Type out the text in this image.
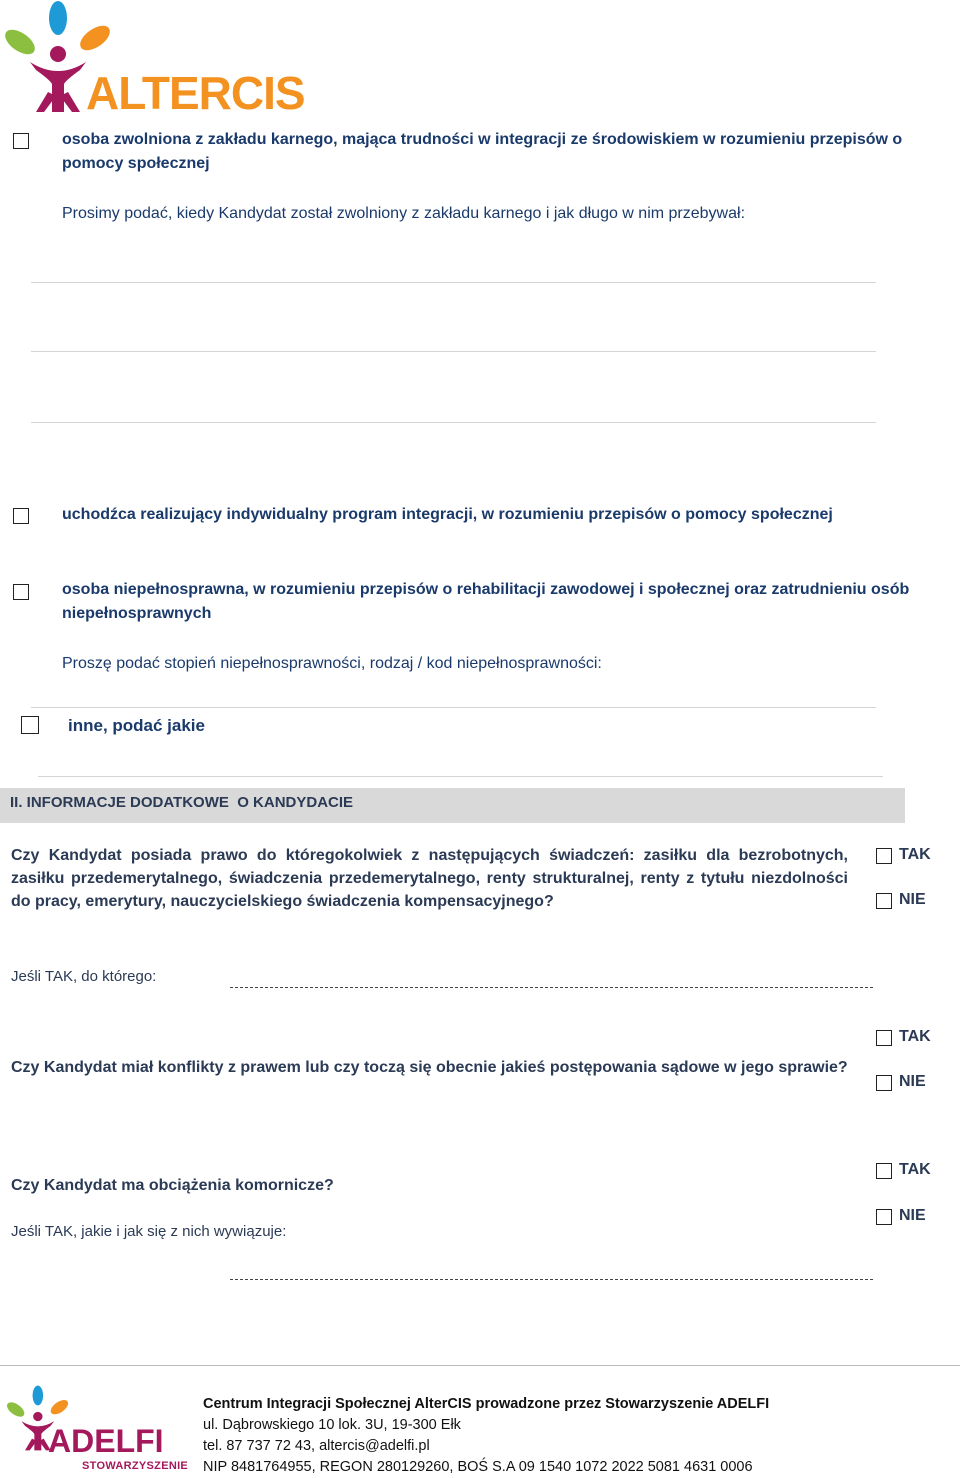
ALTERCIS
osoba zwolniona z zakładu karnego, mająca trudności w integracji ze środowiskiem w rozumieniu przepisów o pomocy społecznej
Prosimy podać, kiedy Kandydat został zwolniony z zakładu karnego i jak długo w nim przebywał:
uchodźca realizujący indywidualny program integracji, w rozumieniu przepisów o pomocy społecznej
osoba niepełnosprawna, w rozumieniu przepisów o rehabilitacji zawodowej i społecznej oraz zatrudnieniu osób niepełnosprawnych
Proszę podać stopień niepełnosprawności, rodzaj / kod niepełnosprawności:
inne, podać jakie
II. INFORMACJE DODATKOWE  O KANDYDACIE
Czy Kandydat posiada prawo do któregokolwiek z następujących świadczeń: zasiłku dla bezrobotnych, zasiłku przedemerytalnego, świadczenia przedemerytalnego, renty strukturalnej, renty z tytułu niezdolności do pracy, emerytury, nauczycielskiego świadczenia kompensacyjnego?
TAK
NIE
Jeśli TAK, do którego:
TAK
Czy Kandydat miał konflikty z prawem lub czy toczą się obecnie jakieś postępowania sądowe w jego sprawie?
NIE
TAK
Czy Kandydat ma obciążenia komornicze?
NIE
Jeśli TAK, jakie i jak się z nich wywiązuje:
ADELFI
STOWARZYSZENIE
Centrum Integracji Społecznej AlterCIS prowadzone przez Stowarzyszenie ADELFI
ul. Dąbrowskiego 10 lok. 3U, 19-300 Ełk
tel. 87 737 72 43, altercis@adelfi.pl
NIP 8481764955, REGON 280129260, BOŚ S.A 09 1540 1072 2022 5081 4631 0006
